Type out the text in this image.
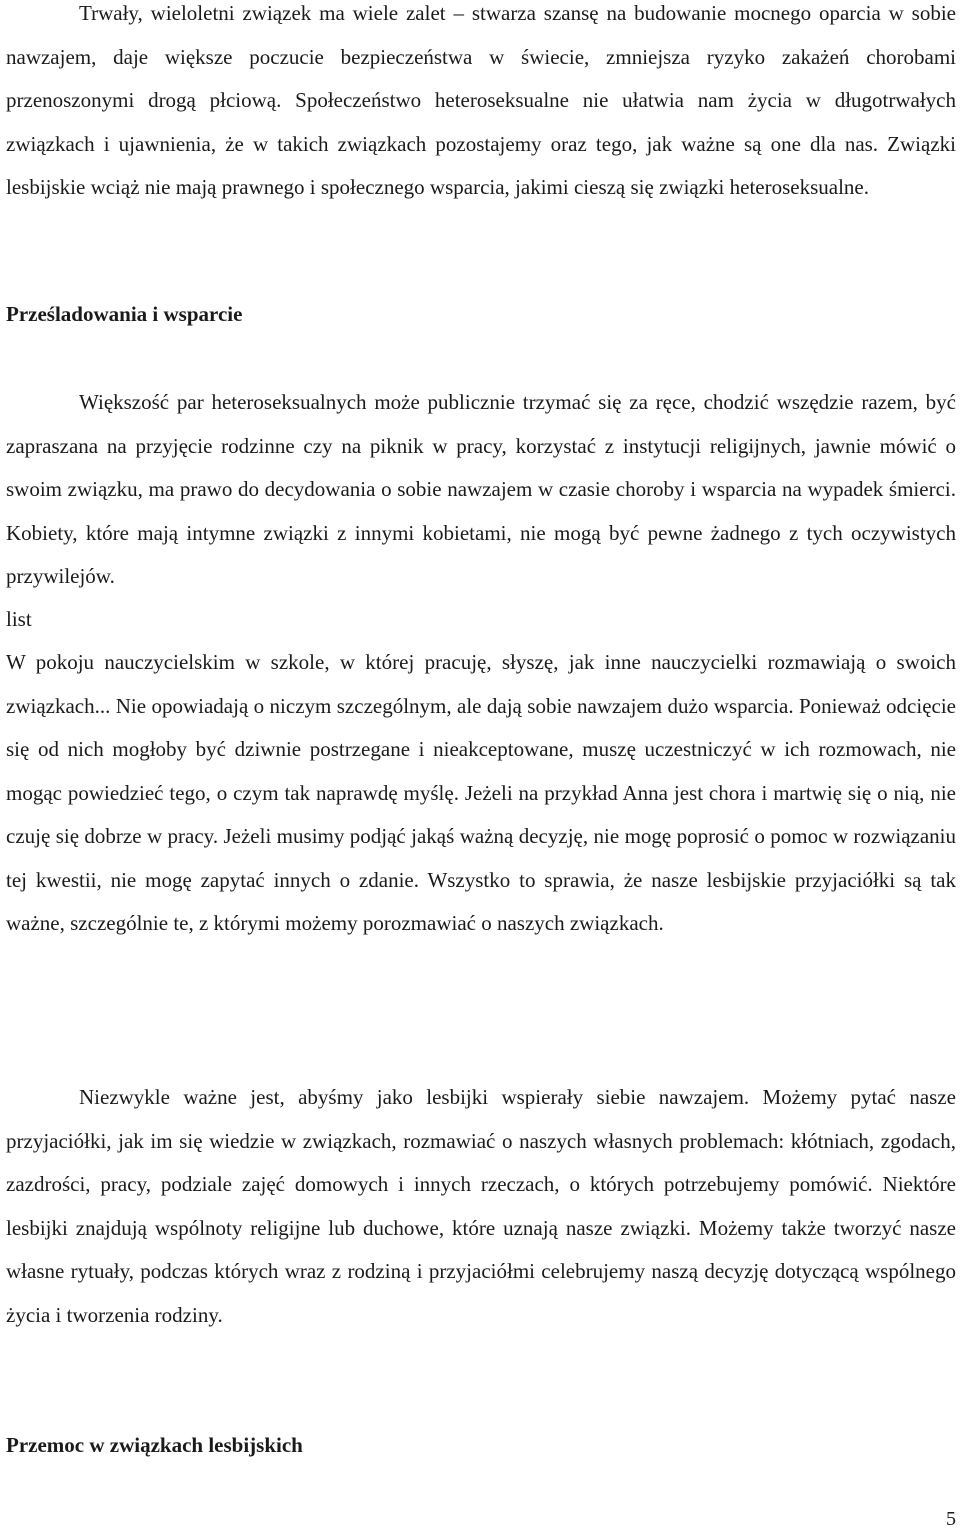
Trwały, wieloletni związek ma wiele zalet – stwarza szansę na budowanie mocnego oparcia w sobie nawzajem, daje większe poczucie bezpieczeństwa w świecie, zmniejsza ryzyko zakażeń chorobami przenoszonymi drogą płciową. Społeczeństwo heteroseksualne nie ułatwia nam życia w długotrwałych związkach i ujawnienia, że w takich związkach pozostajemy oraz tego, jak ważne są one dla nas. Związki lesbijskie wciąż nie mają prawnego i społecznego wsparcia, jakimi cieszą się związki heteroseksualne.

Prześladowania i wsparcie

Większość par heteroseksualnych może publicznie trzymać się za ręce, chodzić wszędzie razem, być zapraszana na przyjęcie rodzinne czy na piknik w pracy, korzystać z instytucji religijnych, jawnie mówić o swoim związku, ma prawo do decydowania o sobie nawzajem w czasie choroby i wsparcia na wypadek śmierci. Kobiety, które mają intymne związki z innymi kobietami, nie mogą być pewne żadnego z tych oczywistych przywilejów.

list

W pokoju nauczycielskim w szkole, w której pracuję, słyszę, jak inne nauczycielki rozmawiają o swoich związkach... Nie opowiadają o niczym szczególnym, ale dają sobie nawzajem dużo wsparcia. Ponieważ odcięcie się od nich mogłoby być dziwnie postrzegane i nieakceptowane, muszę uczestniczyć w ich rozmowach, nie mogąc powiedzieć tego, o czym tak naprawdę myślę. Jeżeli na przykład Anna jest chora i martwię się o nią, nie czuję się dobrze w pracy. Jeżeli musimy podjąć jakąś ważną decyzję, nie mogę poprosić o pomoc w rozwiązaniu tej kwestii, nie mogę zapytać innych o zdanie. Wszystko to sprawia, że nasze lesbijskie przyjaciółki są tak ważne, szczególnie te, z którymi możemy porozmawiać o naszych związkach.

Niezwykle ważne jest, abyśmy jako lesbijki wspierały siebie nawzajem. Możemy pytać nasze przyjaciółki, jak im się wiedzie w związkach, rozmawiać o naszych własnych problemach: kłótniach, zgodach, zazdrości, pracy, podziale zajęć domowych i innych rzeczach, o których potrzebujemy pomówić. Niektóre lesbijki znajdują wspólnoty religijne lub duchowe, które uznają nasze związki. Możemy także tworzyć nasze własne rytuały, podczas których wraz z rodziną i przyjaciółmi celebrujemy naszą decyzję dotyczącą wspólnego życia i tworzenia rodziny.

Przemoc w związkach lesbijskich
5
